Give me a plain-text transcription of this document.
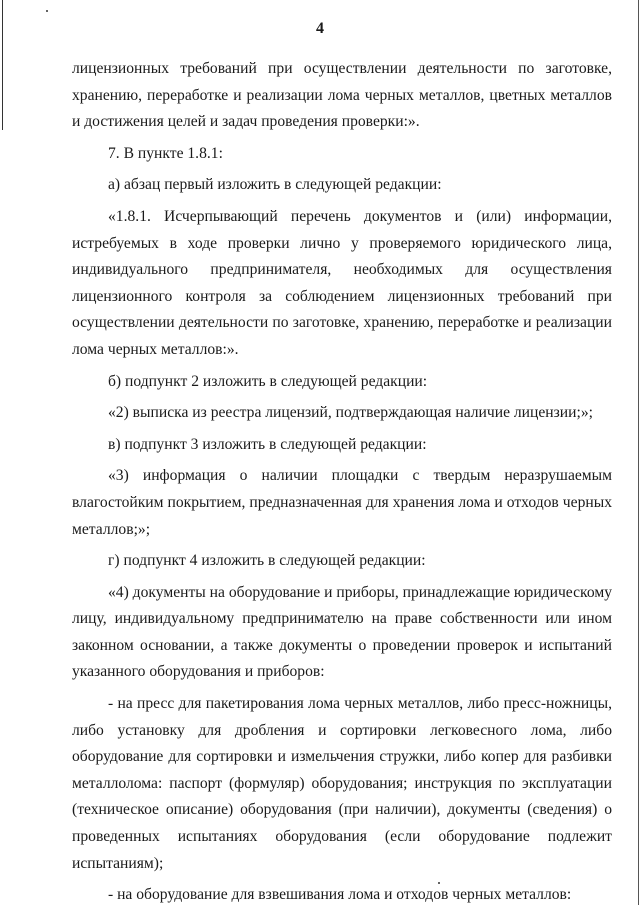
4

лицензионных требований при осуществлении деятельности по заготовке, хранению, переработке и реализации лома черных металлов, цветных металлов и достижения целей и задач проведения проверки:».

7. В пункте 1.8.1:

а) абзац первый изложить в следующей редакции:

«1.8.1. Исчерпывающий перечень документов и (или) информации, истребуемых в ходе проверки лично у проверяемого юридического лица, индивидуального предпринимателя, необходимых для осуществления лицензионного контроля за соблюдением лицензионных требований при осуществлении деятельности по заготовке, хранению, переработке и реализации лома черных металлов:».

б) подпункт 2 изложить в следующей редакции:

«2) выписка из реестра лицензий, подтверждающая наличие лицензии;»;

в) подпункт 3 изложить в следующей редакции:

«3) информация о наличии площадки с твердым неразрушаемым влагостойким покрытием, предназначенная для хранения лома и отходов черных металлов;»;

г) подпункт 4 изложить в следующей редакции:

«4) документы на оборудование и приборы, принадлежащие юридическому лицу, индивидуальному предпринимателю на праве собственности или ином законном основании, а также документы о проведении проверок и испытаний указанного оборудования и приборов:

- на пресс для пакетирования лома черных металлов, либо пресс-ножницы, либо установку для дробления и сортировки легковесного лома, либо оборудование для сортировки и измельчения стружки, либо копер для разбивки металлолома: паспорт (формуляр) оборудования; инструкция по эксплуатации (техническое описание) оборудования (при наличии), документы (сведения) о проведенных испытаниях оборудования (если оборудование подлежит испытаниям);

- на оборудование для взвешивания лома и отходов черных металлов:
